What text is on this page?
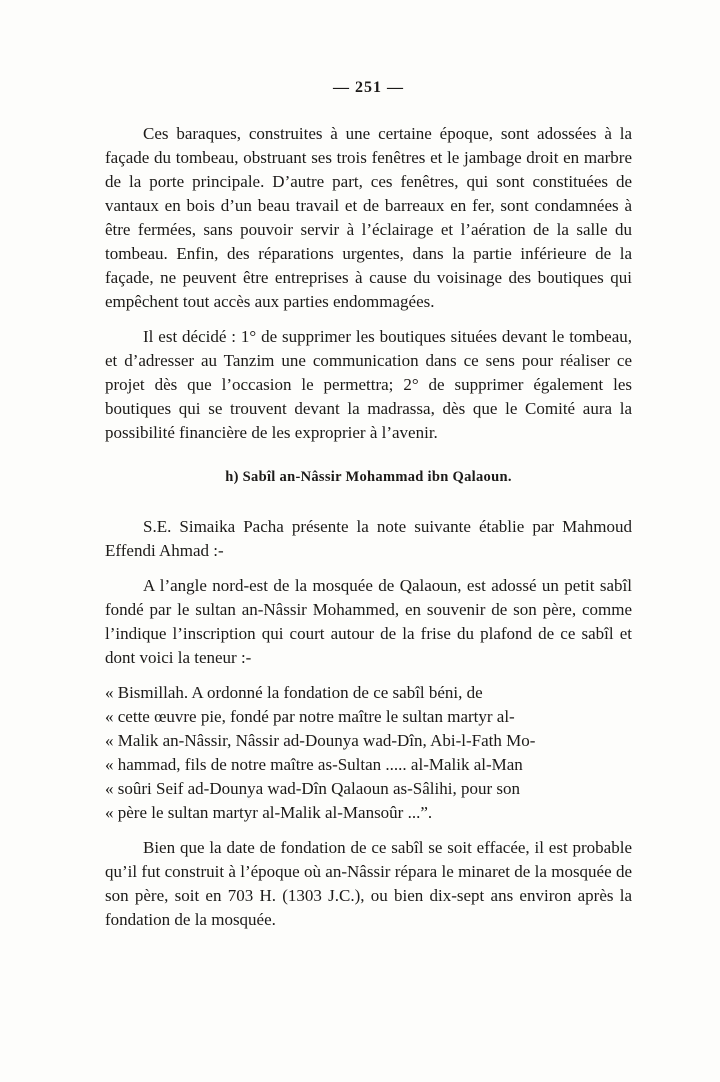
— 251 —

Ces baraques, construites à une certaine époque, sont adossées à la façade du tombeau, obstruant ses trois fenêtres et le jambage droit en marbre de la porte principale. D’autre part, ces fenêtres, qui sont constituées de vantaux en bois d’un beau travail et de barreaux en fer, sont condamnées à être fermées, sans pouvoir servir à l’éclairage et l’aération de la salle du tombeau. Enfin, des réparations urgentes, dans la partie inférieure de la façade, ne peuvent être entreprises à cause du voisinage des boutiques qui empêchent tout accès aux parties endommagées.

Il est décidé : 1° de supprimer les boutiques situées devant le tombeau, et d’adresser au Tanzim une communication dans ce sens pour réaliser ce projet dès que l’occasion le permettra; 2° de supprimer également les boutiques qui se trouvent devant la madrassa, dès que le Comité aura la possibilité financière de les exproprier à l’avenir.

h) Sabîl an-Nâssir Mohammad ibn Qalaoun.

S.E. Simaika Pacha présente la note suivante établie par Mahmoud Effendi Ahmad :-

A l’angle nord-est de la mosquée de Qalaoun, est adossé un petit sabîl fondé par le sultan an-Nâssir Mohammed, en souvenir de son père, comme l’indique l’inscription qui court autour de la frise du plafond de ce sabîl et dont voici la teneur :-

« Bismillah. A ordonné la fondation de ce sabîl béni, de
« cette œuvre pie, fondé par notre maître le sultan martyr al-
« Malik an-Nâssir, Nâssir ad-Dounya wad-Dîn, Abi-l-Fath Mo-
« hammad, fils de notre maître as-Sultan ..... al-Malik al-Man
« soûri Seif ad-Dounya wad-Dîn Qalaoun as-Sâlihi, pour son
« père le sultan martyr al-Malik al-Mansoûr ...”.

Bien que la date de fondation de ce sabîl se soit effacée, il est probable qu’il fut construit à l’époque où an-Nâssir répara le minaret de la mosquée de son père, soit en 703 H. (1303 J.C.), ou bien dix-sept ans environ après la fondation de la mosquée.
